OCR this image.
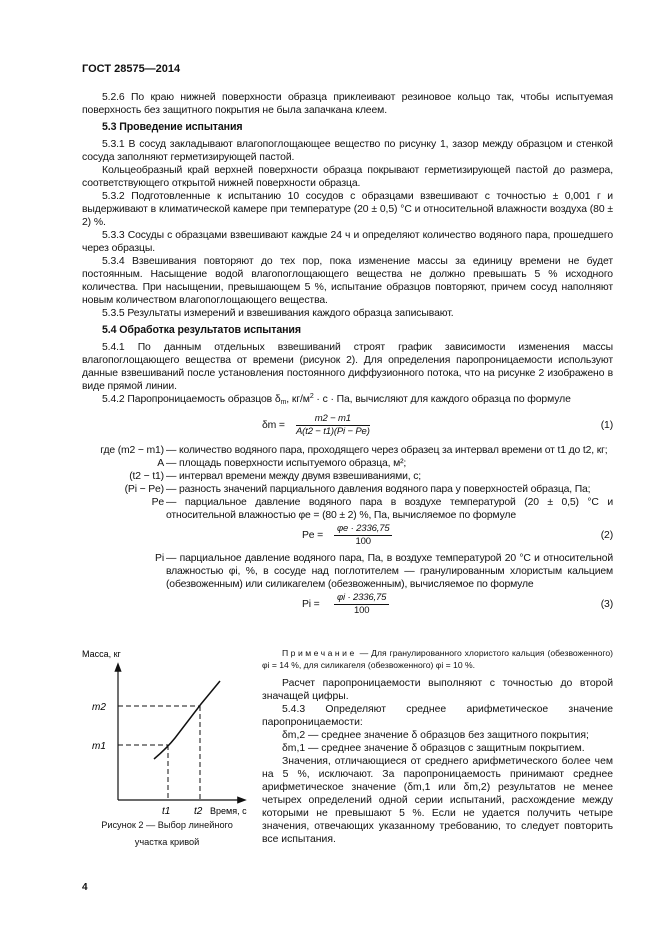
ГОСТ 28575—2014

5.2.6 По краю нижней поверхности образца приклеивают резиновое кольцо так, чтобы испытуемая поверхность без защитного покрытия не была запачкана клеем.

5.3 Проведение испытания

5.3.1 В сосуд закладывают влагопоглощающее вещество по рисунку 1, зазор между образцом и стенкой сосуда заполняют герметизирующей пастой.

Кольцеобразный край верхней поверхности образца покрывают герметизирующей пастой до размера, соответствующего открытой нижней поверхности образца.

5.3.2 Подготовленные к испытанию 10 сосудов с образцами взвешивают с точностью ± 0,001 г и выдерживают в климатической камере при температуре (20 ± 0,5) °С и относительной влажности воздуха (80 ± 2) %.

5.3.3 Сосуды с образцами взвешивают каждые 24 ч и определяют количество водяного пара, прошедшего через образцы.

5.3.4 Взвешивания повторяют до тех пор, пока изменение массы за единицу времени не будет постоянным. Насыщение водой влагопоглощающего вещества не должно превышать 5 % исходного количества. При насыщении, превышающем 5 %, испытание образцов повторяют, причем сосуд наполняют новым количеством влагопоглощающего вещества.

5.3.5 Результаты измерений и взвешивания каждого образца записывают.

5.4 Обработка результатов испытания

5.4.1 По данным отдельных взвешиваний строят график зависимости изменения массы влагопоглощающего вещества от времени (рисунок 2). Для определения паропроницаемости используют данные взвешиваний после установления постоянного диффузионного потока, что на рисунке 2 изображено в виде прямой линии.

5.4.2 Паропроницаемость образцов $\delta_m$, $кг/м^2 \cdot с$ · Па, вычисляют для каждого образца по формуле

$\delta m = \frac{m2 - m1}{A(t2 - t1)(Pi - Pe)}$	(1)
где (m2 − m1)	— количество водяного пара, проходящего через образец за интервал времени от t1 до t2, кг;
A	— площадь поверхности испытуемого образца, м²;
(t2 − t1)	— интервал времени между двумя взвешиваниями, с;
(Pi − Pe)	— разность значений парциального давления водяного пара у поверхностей образца, Па;
Pe	— парциальное давление водяного пара в воздухе температурой (20 ± 0,5) °С и относительной влажностью φe = (80 ± 2) %, Па, вычисляемое по формуле
$Pe = \frac{\varphi e \cdot 2336,75}{100}$	(2)
Pi	— парциальное давление водяного пара, Па, в воздухе температурой 20 °С и относительной влажностью φi, %, в сосуде над поглотителем — гранулированным хлористым кальцием (обезвоженным) или силикагелем (обезвоженным), вычисляемое по формуле
$Pi = \frac{\varphi i \cdot 2336,75}{100}$	(3)
Масса, кг
m2
m1
t1 t2 Время, с
Рисунок 2 — Выбор линейного
участка кривой

Примечание — Для гранулированного хлористого кальция (обезвоженного) φi = 14 %, для силикагеля (обезвоженного) φi = 10 %.

Расчет паропроницаемости выполняют с точностью до второй значащей цифры.

5.4.3 Определяют среднее арифметическое значение паропроницаемости:

δm,2 — среднее значение δ образцов без защитного покрытия;

δm,1 — среднее значение δ образцов с защитным покрытием.

Значения, отличающиеся от среднего арифметического более чем на 5 %, исключают. За паропроницаемость принимают среднее арифметическое значение (δm,1 или δm,2) результатов не менее четырех определений одной серии испытаний, расхождение между которыми не превышают 5 %. Если не удается получить четыре значения, отвечающих указанному требованию, то следует повторить все испытания.

4
